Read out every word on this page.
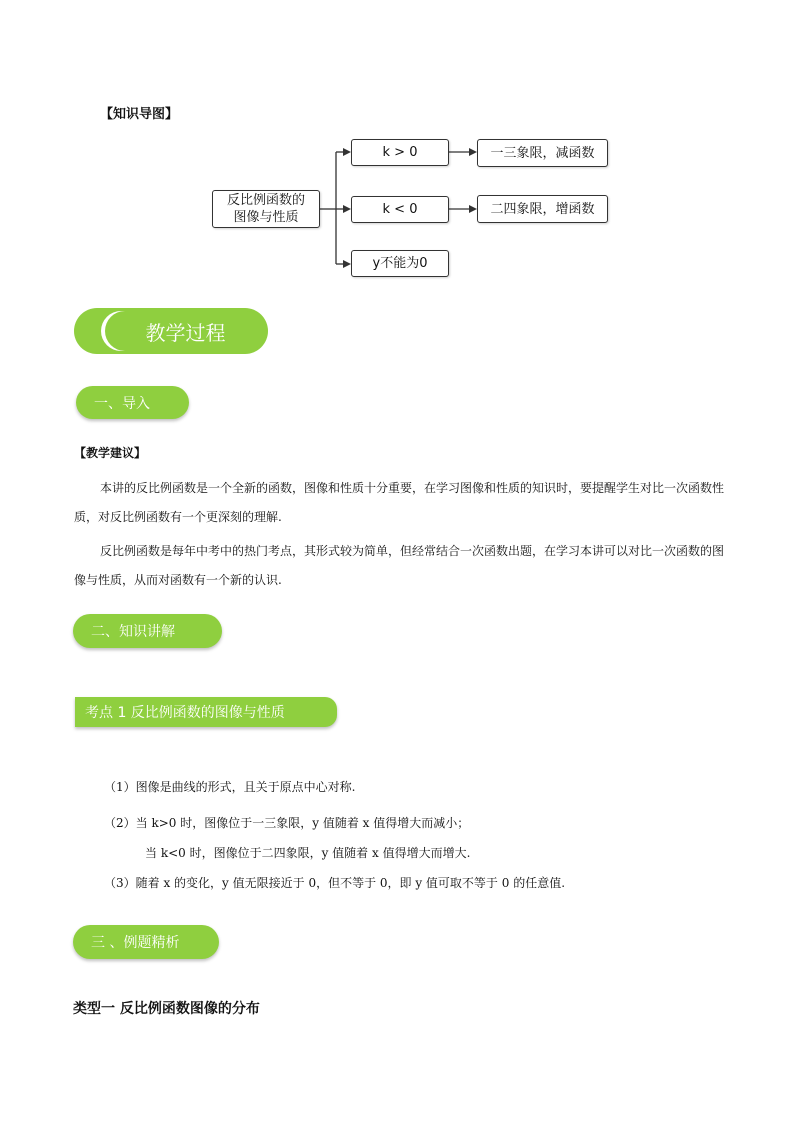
【知识导图】
反比例函数的
图像与性质
k > 0	一三象限，减函数
k < 0	二四象限，增函数
y不能为0
教学过程
一、导入
【教学建议】
本讲的反比例函数是一个全新的函数，图像和性质十分重要，在学习图像和性质的知识时，要提醒学生对比一次函数性质，对反比例函数有一个更深刻的理解.
反比例函数是每年中考中的热门考点，其形式较为简单，但经常结合一次函数出题，在学习本讲可以对比一次函数的图像与性质，从而对函数有一个新的认识.
二、知识讲解
考点 1 反比例函数的图像与性质
（1）图像是曲线的形式，且关于原点中心对称.
（2）当 k>0 时，图像位于一三象限，y 值随着 x 值得增大而减小；
当 k<0 时，图像位于二四象限，y 值随着 x 值得增大而增大.
（3）随着 x 的变化，y 值无限接近于 0，但不等于 0，即 y 值可取不等于 0 的任意值.
三 、例题精析
类型一 反比例函数图像的分布
